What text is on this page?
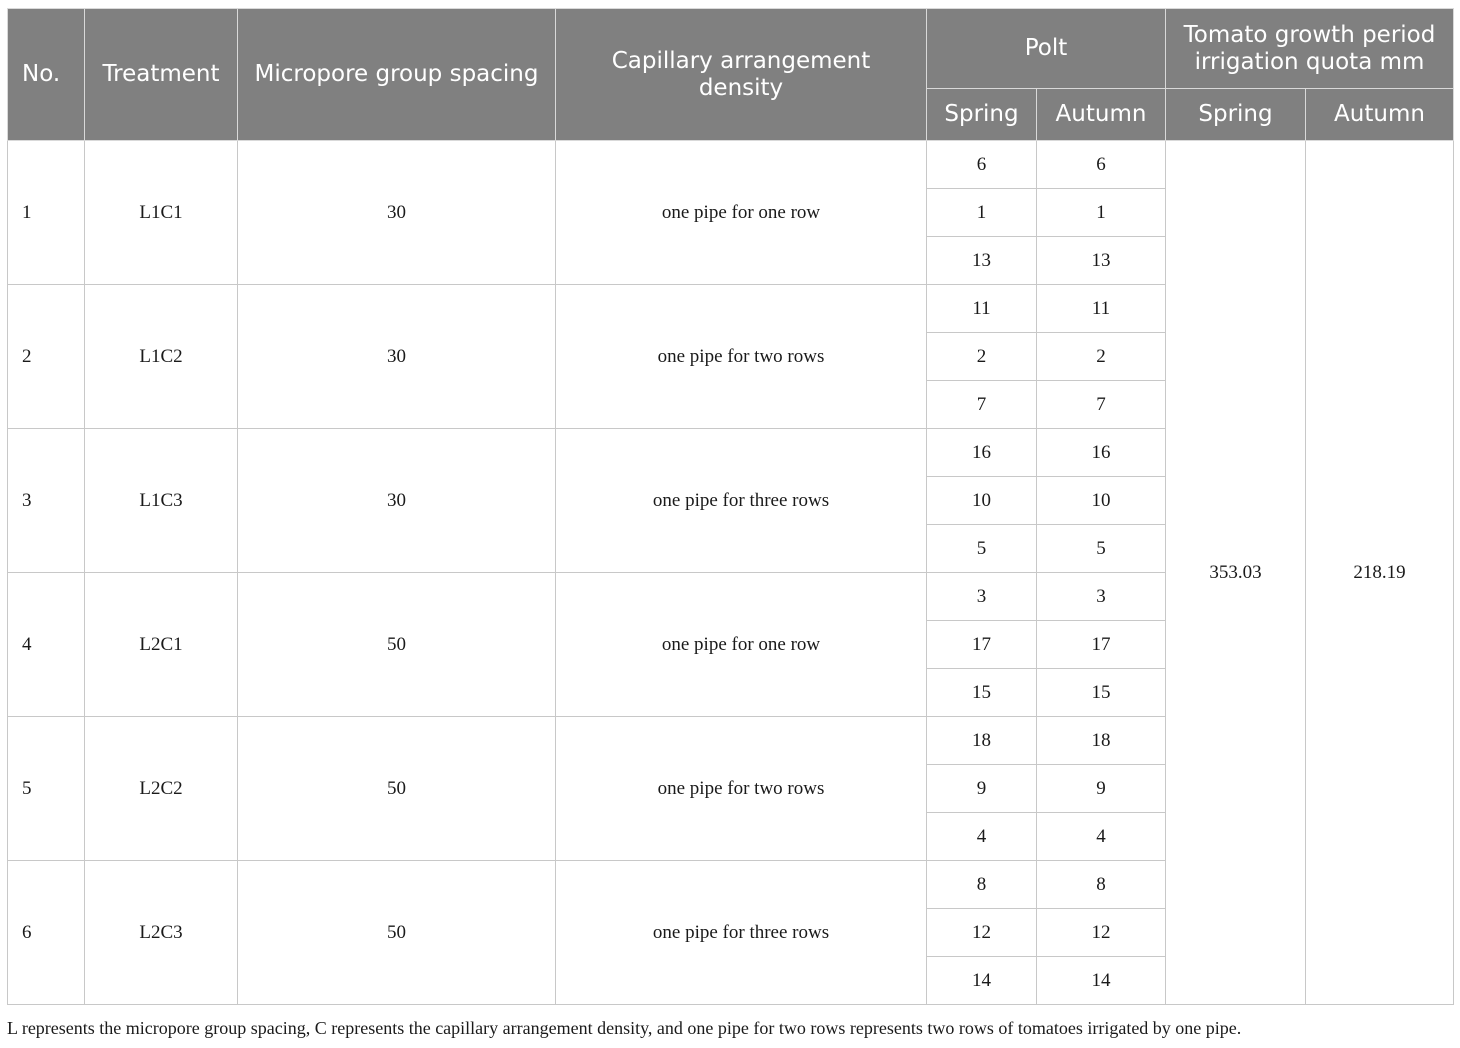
No.	Treatment	Micropore group spacing	Capillary arrangement density	Polt		Tomato growth period irrigation quota mm	
				Spring	Autumn	Spring	Autumn
1	L1C1	30	one pipe for one row	6	6	353.03	218.19
				1	1		
				13	13		
2	L1C2	30	one pipe for two rows	11	11		
				2	2		
				7	7		
3	L1C3	30	one pipe for three rows	16	16		
				10	10		
				5	5		
4	L2C1	50	one pipe for one row	3	3		
				17	17		
				15	15		
5	L2C2	50	one pipe for two rows	18	18		
				9	9		
				4	4		
6	L2C3	50	one pipe for three rows	8	8		
				12	12		
				14	14		
L represents the micropore group spacing, C represents the capillary arrangement density, and one pipe for two rows represents two rows of tomatoes irrigated by one pipe.
